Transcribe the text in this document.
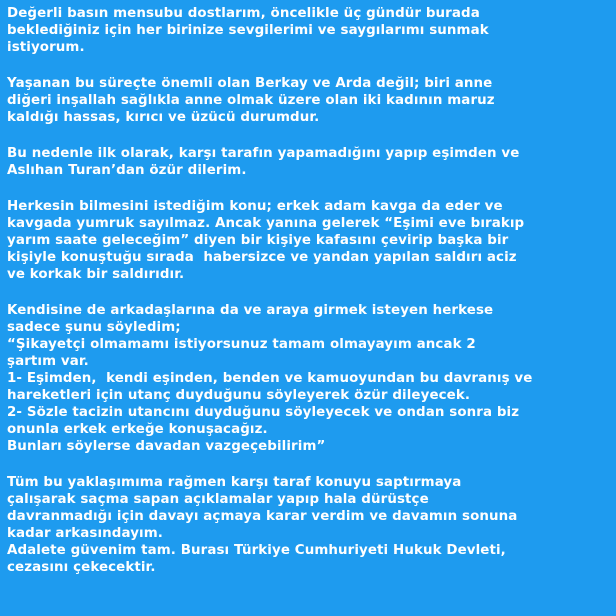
Değerli basın mensubu dostlarım, öncelikle üç gündür burada
beklediğiniz için her birinize sevgilerimi ve saygılarımı sunmak
istiyorum.
Yaşanan bu süreçte önemli olan Berkay ve Arda değil; biri anne
diğeri inşallah sağlıkla anne olmak üzere olan iki kadının maruz
kaldığı hassas, kırıcı ve üzücü durumdur.
Bu nedenle ilk olarak, karşı tarafın yapamadığını yapıp eşimden ve
Aslıhan Turan’dan özür dilerim.
Herkesin bilmesini istediğim konu; erkek adam kavga da eder ve
kavgada yumruk sayılmaz. Ancak yanına gelerek “Eşimi eve bırakıp
yarım saate geleceğim” diyen bir kişiye kafasını çevirip başka bir
kişiyle konuştuğu sırada  habersizce ve yandan yapılan saldırı aciz
ve korkak bir saldırıdır.
Kendisine de arkadaşlarına da ve araya girmek isteyen herkese
sadece şunu söyledim;
“Şikayetçi olmamamı istiyorsunuz tamam olmayayım ancak 2
şartım var.
1- Eşimden,  kendi eşinden, benden ve kamuoyundan bu davranış ve
hareketleri için utanç duyduğunu söyleyerek özür dileyecek.
2- Sözle tacizin utancını duyduğunu söyleyecek ve ondan sonra biz
onunla erkek erkeğe konuşacağız.
Bunları söylerse davadan vazgeçebilirim”
Tüm bu yaklaşımıma rağmen karşı taraf konuyu saptırmaya
çalışarak saçma sapan açıklamalar yapıp hala dürüstçe
davranmadığı için davayı açmaya karar verdim ve davamın sonuna
kadar arkasındayım.
Adalete güvenim tam. Burası Türkiye Cumhuriyeti Hukuk Devleti,
cezasını çekecektir.
